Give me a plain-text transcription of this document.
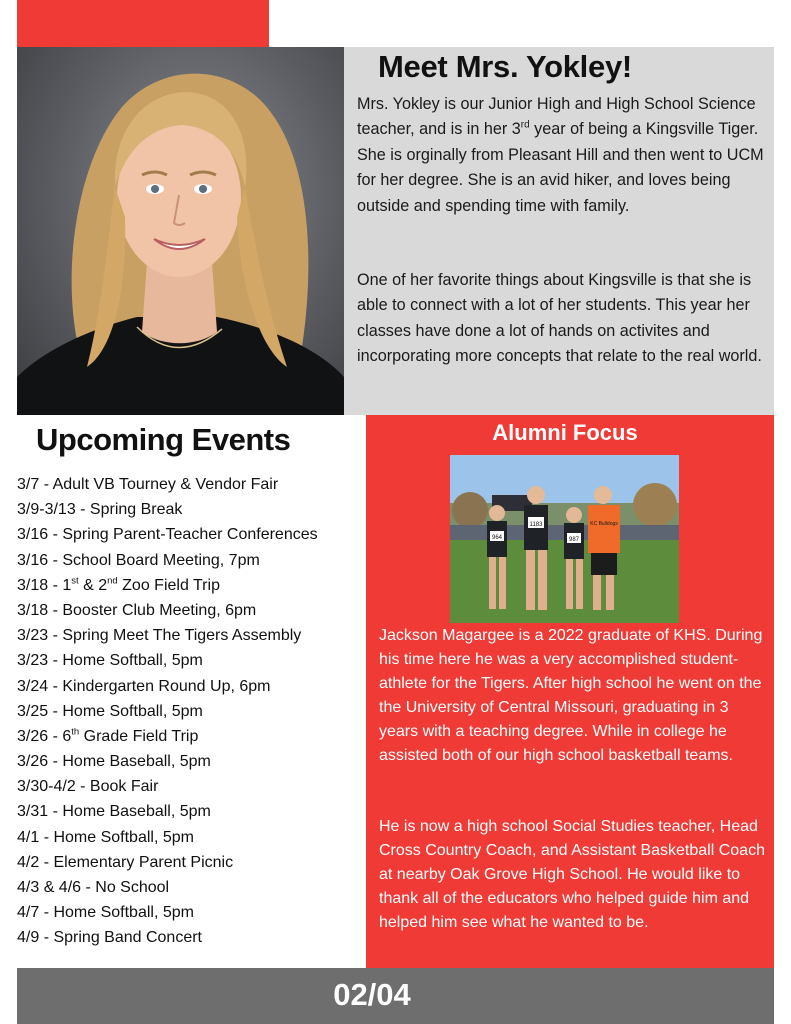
Meet Mrs. Yokley!

Mrs. Yokley is our Junior High and High School Science teacher, and is in her 3rd year of being a Kingsville Tiger. She is orginally from Pleasant Hill and then went to UCM for her degree. She is an avid hiker, and loves being outside and spending time with family.

One of her favorite things about Kingsville is that she is able to connect with a lot of her students. This year her classes have done a lot of hands on activites and incorporating more concepts that relate to the real world.

Upcoming Events
3/7 - Adult VB Tourney & Vendor Fair
3/9-3/13 - Spring Break
3/16 - Spring Parent-Teacher Conferences
3/16 - School Board Meeting, 7pm
3/18 - 1st & 2nd Zoo Field Trip
3/18 - Booster Club Meeting, 6pm
3/23 - Spring Meet The Tigers Assembly
3/23 - Home Softball, 5pm
3/24 - Kindergarten Round Up, 6pm
3/25 - Home Softball, 5pm
3/26 - 6th Grade Field Trip
3/26 - Home Baseball, 5pm
3/30-4/2 - Book Fair
3/31 - Home Baseball, 5pm
4/1 - Home Softball, 5pm
4/2 - Elementary Parent Picnic
4/3 & 4/6 - No School
4/7 - Home Softball, 5pm
4/9 - Spring Band Concert
Alumni Focus
964
1183
987
KC Bulldogs

Jackson Magargee is a 2022 graduate of KHS. During his time here he was a very accomplished student-athlete for the Tigers. After high school he went on the the University of Central Missouri, graduating in 3 years with a teaching degree. While in college he assisted both of our high school basketball teams.

He is now a high school Social Studies teacher, Head Cross Country Coach, and Assistant Basketball Coach at nearby Oak Grove High School. He would like to thank all of the educators who helped guide him and helped him see what he wanted to be.

02/04
